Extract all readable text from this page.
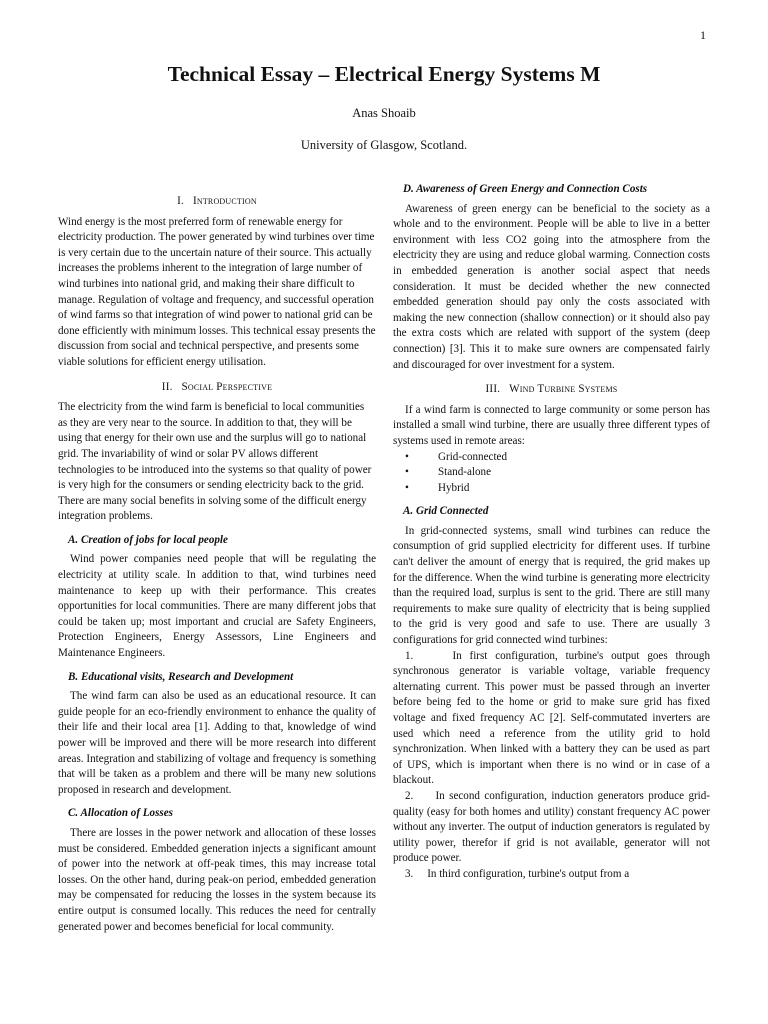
1
Technical Essay – Electrical Energy Systems M
Anas Shoaib
University of Glasgow, Scotland.
I. Introduction

Wind energy is the most preferred form of renewable energy for electricity production. The power generated by wind turbines over time is very certain due to the uncertain nature of their source. This actually increases the problems inherent to the integration of large number of wind turbines into national grid, and making their share difficult to manage. Regulation of voltage and frequency, and successful operation of wind farms so that integration of wind power to national grid can be done efficiently with minimum losses. This technical essay presents the discussion from social and technical perspective, and presents some viable solutions for efficient energy utilisation.

II. Social Perspective

The electricity from the wind farm is beneficial to local communities as they are very near to the source. In addition to that, they will be using that energy for their own use and the surplus will go to national grid. The invariability of wind or solar PV allows different technologies to be introduced into the systems so that quality of power is very high for the consumers or sending electricity back to the grid. There are many social benefits in solving some of the difficult energy integration problems.

A. Creation of jobs for local people

Wind power companies need people that will be regulating the electricity at utility scale. In addition to that, wind turbines need maintenance to keep up with their performance. This creates opportunities for local communities. There are many different jobs that could be taken up; most important and crucial are Safety Engineers, Protection Engineers, Energy Assessors, Line Engineers and Maintenance Engineers.

B. Educational visits, Research and Development

The wind farm can also be used as an educational resource. It can guide people for an eco-friendly environment to enhance the quality of their life and their local area [1]. Adding to that, knowledge of wind power will be improved and there will be more research into different areas. Integration and stabilizing of voltage and frequency is something that will be taken as a problem and there will be many new solutions proposed in research and development.

C. Allocation of Losses

There are losses in the power network and allocation of these losses must be considered. Embedded generation injects a significant amount of power into the network at off-peak times, this may increase total losses. On the other hand, during peak-on period, embedded generation may be compensated for reducing the losses in the system because its entire output is consumed locally. This reduces the need for centrally generated power and becomes beneficial for local community.

D. Awareness of Green Energy and Connection Costs

Awareness of green energy can be beneficial to the society as a whole and to the environment. People will be able to live in a better environment with less CO2 going into the atmosphere from the electricity they are using and reduce global warming. Connection costs in embedded generation is another social aspect that needs consideration. It must be decided whether the new connected embedded generation should pay only the costs associated with making the new connection (shallow connection) or it should also pay the extra costs which are related with support of the system (deep connection) [3]. This it to make sure owners are compensated fairly and discouraged for over investment for a system.

III. Wind Turbine Systems

If a wind farm is connected to large community or some person has installed a small wind turbine, there are usually three different types of systems used in remote areas:

•	Grid-connected
•	Stand-alone
•	Hybrid
A. Grid Connected

In grid-connected systems, small wind turbines can reduce the consumption of grid supplied electricity for different uses. If turbine can't deliver the amount of energy that is required, the grid makes up for the difference. When the wind turbine is generating more electricity than the required load, surplus is sent to the grid. There are still many requirements to make sure quality of electricity that is being supplied to the grid is very good and safe to use. There are usually 3 configurations for grid connected wind turbines:

1.	In first configuration, turbine's output goes through synchronous generator is variable voltage, variable frequency alternating current. This power must be passed through an inverter before being fed to the home or grid to make sure grid has fixed voltage and fixed frequency AC [2]. Self-commutated inverters are used which need a reference from the utility grid to hold synchronization. When linked with a battery they can be used as part of UPS, which is important when there is no wind or in case of a blackout.

2. In second configuration, induction generators produce grid-quality (easy for both homes and utility) constant frequency AC power without any inverter. The output of induction generators is regulated by utility power, therefor if grid is not available, generator will not produce power.

3. In third configuration, turbine's output from a
